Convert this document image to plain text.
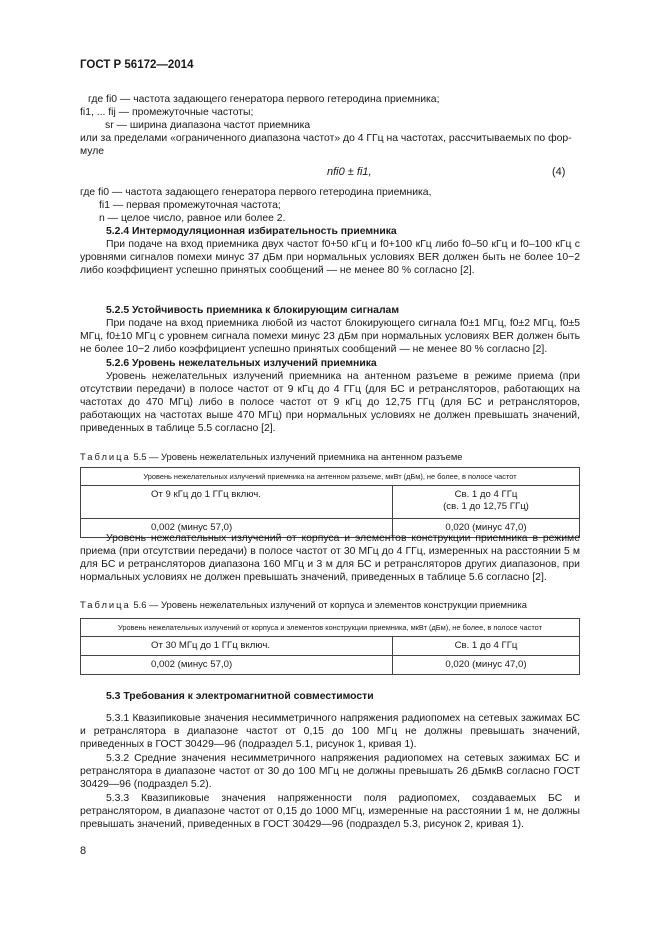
ГОСТ Р 56172—2014
где fi0 — частота задающего генератора первого гетеродина приемника;
fi1, ... fij — промежуточные частоты;
sr — ширина диапазона частот приемника
или за пределами «ограниченного диапазона частот» до 4 ГГц на частотах, рассчитываемых по фор-
муле
nfi0 ± fi1,	(4)
где fi0 — частота задающего генератора первого гетеродина приемника,
fi1 — первая промежуточная частота;
n — целое число, равное или более 2.
5.2.4 Интермодуляционная избирательность приемника
При подаче на вход приемника двух частот f0+50 кГц и f0+100 кГц либо f0–50 кГц и f0–100 кГц с уровнями сигналов помехи минус 37 дБм при нормальных условиях BER должен быть не более 10−2 либо коэффициент успешно принятых сообщений — не менее 80 % согласно [2].
5.2.5 Устойчивость приемника к блокирующим сигналам
При подаче на вход приемника любой из частот блокирующего сигнала f0±1 МГц, f0±2 МГц, f0±5 МГц, f0±10 МГц с уровнем сигнала помехи минус 23 дБм при нормальных условиях BER должен быть не более 10−2 либо коэффициент успешно принятых сообщений — не менее 80 % согласно [2].
5.2.6 Уровень нежелательных излучений приемника
Уровень нежелательных излучений приемника на антенном разъеме в режиме приема (при отсутствии передачи) в полосе частот от 9 кГц до 4 ГГц (для БС и ретрансляторов, работающих на частотах до 470 МГц) либо в полосе частот от 9 кГц до 12,75 ГГц (для БС и ретрансляторов, работающих на частотах выше 470 МГц) при нормальных условиях не должен превышать значений, приведенных в таблице 5.5 согласно [2].
Таблица 5.5 — Уровень нежелательных излучений приемника на антенном разъеме
Уровень нежелательных излучений приемника на антенном разъеме, мкВт (дБм), не более, в полосе частот	
От 9 кГц до 1 ГГц включ.	Св. 1 до 4 ГГц
(св. 1 до 12,75 ГГц)

0,002 (минус 57,0)	0,020 (минус 47,0)
Уровень нежелательных излучений от корпуса и элементов конструкции приемника в режиме приема (при отсутствии передачи) в полосе частот от 30 МГц до 4 ГГц, измеренных на расстоянии 5 м для БС и ретрансляторов диапазона 160 МГц и 3 м для БС и ретрансляторов других диапазонов, при нормальных условиях не должен превышать значений, приведенных в таблице 5.6 согласно [2].
Таблица 5.6 — Уровень нежелательных излучений от корпуса и элементов конструкции приемника
Уровень нежелательных излучений от корпуса и элементов конструкции приемника, мкВт (дБм), не более, в полосе частот	
От 30 МГц до 1 ГГц включ.	Св. 1 до 4 ГГц
0,002 (минус 57,0)	0,020 (минус 47,0)
5.3 Требования к электромагнитной совместимости
5.3.1 Квазипиковые значения несимметричного напряжения радиопомех на сетевых зажимах БС и ретранслятора в диапазоне частот от 0,15 до 100 МГц не должны превышать значений, приведенных в ГОСТ 30429—96 (подраздел 5.1, рисунок 1, кривая 1).
5.3.2 Средние значения несимметричного напряжения радиопомех на сетевых зажимах БС и ретранслятора в диапазоне частот от 30 до 100 МГц не должны превышать 26 дБмкВ согласно ГОСТ 30429—96 (подраздел 5.2).
5.3.3 Квазипиковые значения напряженности поля радиопомех, создаваемых БС и ретранслятором, в диапазоне частот от 0,15 до 1000 МГц, измеренные на расстоянии 1 м, не должны превышать значений, приведенных в ГОСТ 30429—96 (подраздел 5.3, рисунок 2, кривая 1).
8
